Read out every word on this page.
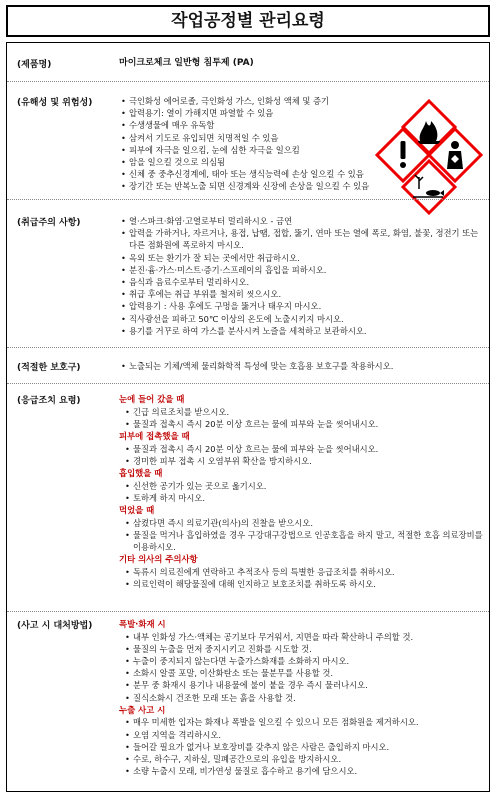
작업공정별 관리요령
(제품명)	마이크로체크 일반형 침투제 (PA)
(유해성 및 위험성)	• 극인화성 에어로졸, 극인화성 가스, 인화성 액체 및 증기
• 압력용기: 열이 가해지면 파열할 수 있음
• 수생생물에 매우 유독함
• 삼켜서 기도로 유입되면 치명적일 수 있음
• 피부에 자극을 일으킴, 눈에 심한 자극을 일으킴
• 암을 일으킬 것으로 의심됨
• 신체 중 중추신경계에, 태아 또는 생식능력에 손상 일으킬 수 있음
• 장기간 또는 반복노출 되면 신경계와 신장에 손상을 일으킬 수 있음
(취급주의 사항)	• 열·스파크·화염·고열로부터 멀리하시오 - 금연
• 압력을 가하거나, 자르거나, 용접, 납땜, 접합, 뚫기, 연마 또는 열에 폭로, 화염, 불꽃, 정전기 또는 다른 점화원에 폭로하지 마시오.
• 옥외 또는 환기가 잘 되는 곳에서만 취급하시오.
• 분진·흄·가스·미스트·증기·스프레이의 흡입을 피하시오.
• 음식과 음료수로부터 멀리하시오.
• 취급 후에는 취급 부위를 철저히 씻으시오.
• 압력용기 : 사용 후에도 구멍을 뚫거나 태우지 마시오.
• 직사광선을 피하고 50℃ 이상의 온도에 노출시키지 마시오.
• 용기를 거꾸로 하여 가스를 분사시켜 노즐을 세척하고 보관하시오.
(적절한 보호구)	• 노출되는 기체/액체 물리화학적 특성에 맞는 호흡용 보호구를 착용하시오.
(응급조치 요령)	눈에 들어 갔을 때
• 긴급 의료조치를 받으시오.
• 물질과 접촉시 즉시 20분 이상 흐르는 물에 피부와 눈을 씻어내시오.
피부에 접촉했을 때
• 물질과 접촉시 즉시 20분 이상 흐르는 물에 피부와 눈을 씻어내시오.
• 경미한 피부 접촉 시 오염부위 확산을 방지하시오.
흡입했을 때
• 신선한 공기가 있는 곳으로 옮기시오.
• 토하게 하지 마시오.
먹었을 때
• 삼켰다면 즉시 의료기관(의사)의 진찰을 받으시오.
• 물질을 먹거나 흡입하였을 경우 구강대구강법으로 인공호흡을 하지 말고, 적절한 호흡 의료장비를 이용하시오.
기타 의사의 주의사항
• 독류시 의료진에게 연락하고 추적조사 등의 특별한 응급조치를 취하시오.
• 의료인력이 해당물질에 대해 인지하고 보호조치를 취하도록 하시오.
(사고 시 대처방법)	폭발·화재 시
• 내부 인화성 가스·액체는 공기보다 무거워서, 지면을 따라 확산하니 주의할 것.
• 물질의 누출을 먼저 중지시키고 진화를 시도할 것.
• 누출이 중지되지 않는다면 누출가스화재를 소화하지 마시오.
• 소화시 알콜 포말, 이산화탄소 또는 물분무를 사용할 것.
• 분무 중 화재시 용기나 내용물에 불이 붙을 경우 즉시 물러나시오.
• 질식소화시 건조한 모래 또는 흙을 사용할 것.
누출 사고 시
• 매우 미세한 입자는 화재나 폭발을 일으킬 수 있으니 모든 점화원을 제거하시오.
• 오염 지역을 격리하시오.
• 들어갈 필요가 없거나 보호장비를 갖추지 않은 사람은 출입하지 마시오.
• 수로, 하수구, 지하실, 밀폐공간으로의 유입을 방지하시오.
• 소량 누출시 모래, 비가연성 물질로 흡수하고 용기에 담으시오.
